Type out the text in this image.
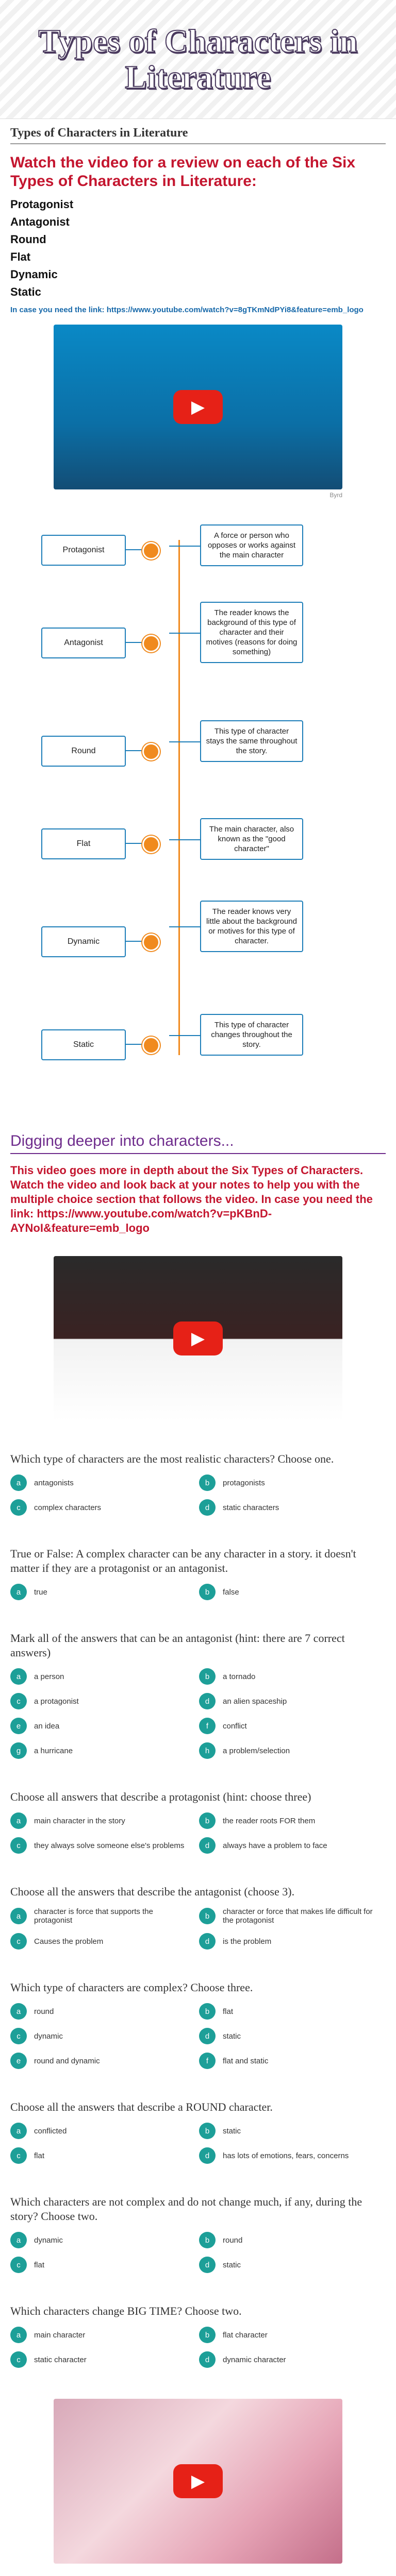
Types of Characters in Literature
Types of Characters in Literature
Watch the video for a review on each of the Six Types of Characters in Literature:
Protagonist
Antagonist
Round
Flat
Dynamic
Static
In case you need the link: https://www.youtube.com/watch?v=8gTKmNdPYi8&feature=emb_logo
▶
Byrd
Protagonist
A force or person who opposes or works against the main character
Antagonist
The reader knows the background of this type of character and their motives (reasons for doing something)
Round
This type of character stays the same throughout the story.
Flat
The main character, also known as the "good character"
Dynamic
The reader knows very little about the background or motives for this type of character.
Static
This type of character changes throughout the story.
Digging deeper into characters...
This video goes more in depth about the Six Types of Characters. Watch the video and look back at your notes to help you with the multiple choice section that follows the video. In case you need the link: https://www.youtube.com/watch?v=pKBnD-AYNoI&feature=emb_logo
▶
Which type of characters are the most realistic characters? Choose one.
a	antagonists	b	protagonists
c	complex characters	d	static characters
True or False: A complex character can be any character in a story. it doesn't matter if they are a protagonist or an antagonist.
a	true	b	false
Mark all of the answers that can be an antagonist (hint: there are 7 correct answers)
a	a person	b	a tornado
c	a protagonist	d	an alien spaceship
e	an idea	f	conflict
g	a hurricane	h	a problem/selection
Choose all answers that describe a protagonist (hint: choose three)
a	main character in the story	b	the reader roots FOR them
c	they always solve someone else's problems	d	always have a problem to face
Choose all the answers that describe the antagonist (choose 3).
a	character is force that supports the protagonist	b	character or force that makes life difficult for the protagonist
c	Causes the problem	d	is the problem
Which type of characters are complex? Choose three.
a	round	b	flat
c	dynamic	d	static
e	round and dynamic	f	flat and static
Choose all the answers that describe a ROUND character.
a	conflicted	b	static
c	flat	d	has lots of emotions, fears, concerns
Which characters are not complex and do not change much, if any, during the story? Choose two.
a	dynamic	b	round
c	flat	d	static
Which characters change BIG TIME? Choose two.
a	main character	b	flat character
c	static character	d	dynamic character
▶
